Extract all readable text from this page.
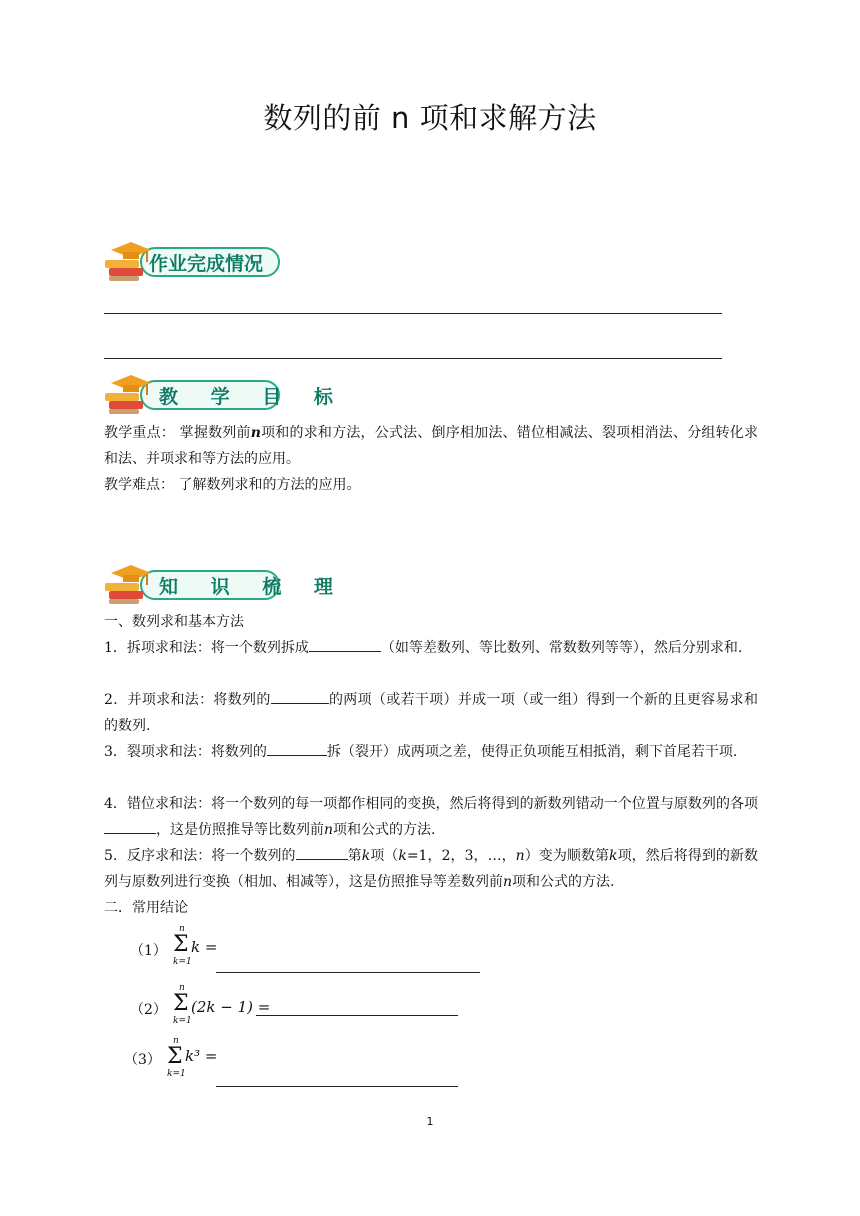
数列的前 n 项和求解方法
作业完成情况
教 学 目 标
教学重点： 掌握数列前n项和的求和方法，公式法、倒序相加法、错位相减法、裂项相消法、分组转化求和法、并项求和等方法的应用。
教学难点： 了解数列求和的方法的应用。
知 识 梳 理
一、数列求和基本方法
1．拆项求和法：将一个数列拆成	（如等差数列、等比数列、常数数列等等），然后分别求和.
2．并项求和法：将数列的	的两项（或若干项）并成一项（或一组）得到一个新的且更容易求和的数列.
3．裂项求和法：将数列的	拆（裂开）成两项之差，使得正负项能互相抵消，剩下首尾若干项.
4．错位求和法：将一个数列的每一项都作相同的变换，然后将得到的新数列错动一个位置与原数列的各项，这是仿照推导等比数列前n项和公式的方法.
5．反序求和法：将一个数列的	第k项（k=1，2，3，…，n）变为顺数第k项，然后将得到的新数列与原数列进行变换（相加、相减等），这是仿照推导等差数列前n项和公式的方法.
二．常用结论
（1）
n
Σ
k=1
k =
（2）
n
Σ
k=1
(2k − 1) =
（3）
n
Σ
k=1
k³ =
1
